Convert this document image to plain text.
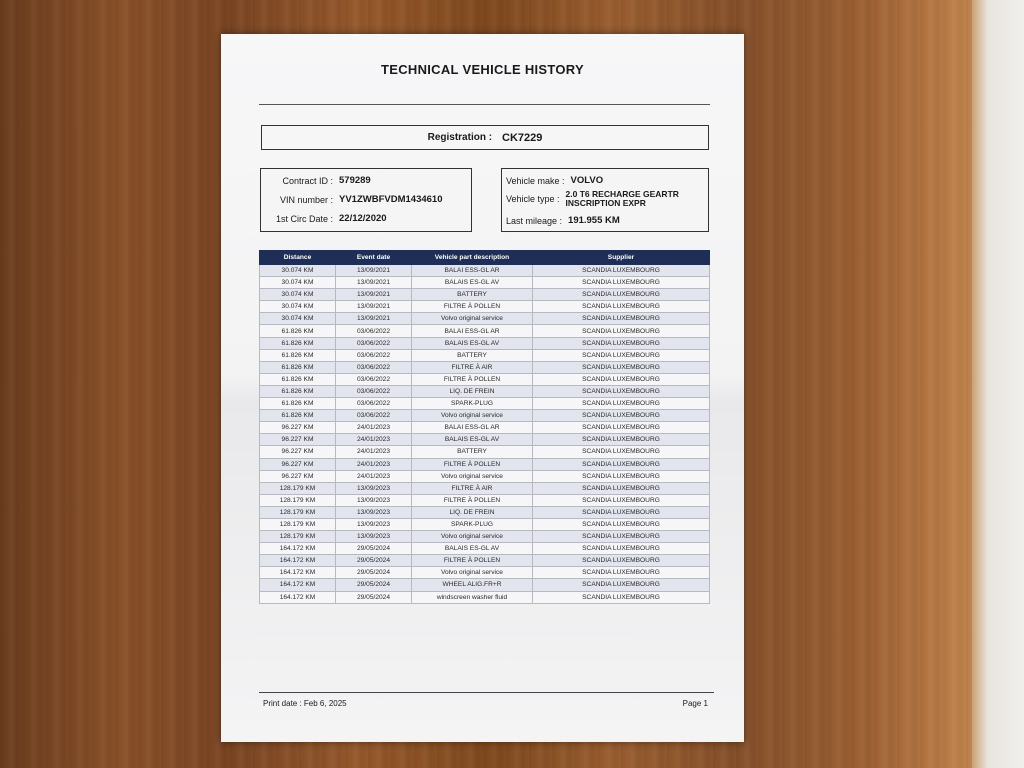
TECHNICAL VEHICLE HISTORY
Registration : CK7229
Contract ID : 579289
VIN number : YV1ZWBFVDM1434610
1st Circ Date : 22/12/2020
Vehicle make : VOLVO
Vehicle type : 2.0 T6 RECHARGE GEARTR
INSCRIPTION EXPR
Last mileage : 191.955 KM
Distance	Event date	Vehicle part description	Supplier
30.074 KM	13/09/2021	BALAI ESS-GL AR	SCANDIA LUXEMBOURG
30.074 KM	13/09/2021	BALAIS ES-GL AV	SCANDIA LUXEMBOURG
30.074 KM	13/09/2021	BATTERY	SCANDIA LUXEMBOURG
30.074 KM	13/09/2021	FILTRE À POLLEN	SCANDIA LUXEMBOURG
30.074 KM	13/09/2021	Volvo original service	SCANDIA LUXEMBOURG
61.826 KM	03/06/2022	BALAI ESS-GL AR	SCANDIA LUXEMBOURG
61.826 KM	03/06/2022	BALAIS ES-GL AV	SCANDIA LUXEMBOURG
61.826 KM	03/06/2022	BATTERY	SCANDIA LUXEMBOURG
61.826 KM	03/06/2022	FILTRE À AIR	SCANDIA LUXEMBOURG
61.826 KM	03/06/2022	FILTRE À POLLEN	SCANDIA LUXEMBOURG
61.826 KM	03/06/2022	LIQ. DE FREIN	SCANDIA LUXEMBOURG
61.826 KM	03/06/2022	SPARK-PLUG	SCANDIA LUXEMBOURG
61.826 KM	03/06/2022	Volvo original service	SCANDIA LUXEMBOURG
96.227 KM	24/01/2023	BALAI ESS-GL AR	SCANDIA LUXEMBOURG
96.227 KM	24/01/2023	BALAIS ES-GL AV	SCANDIA LUXEMBOURG
96.227 KM	24/01/2023	BATTERY	SCANDIA LUXEMBOURG
96.227 KM	24/01/2023	FILTRE À POLLEN	SCANDIA LUXEMBOURG
96.227 KM	24/01/2023	Volvo original service	SCANDIA LUXEMBOURG
128.179 KM	13/09/2023	FILTRE À AIR	SCANDIA LUXEMBOURG
128.179 KM	13/09/2023	FILTRE À POLLEN	SCANDIA LUXEMBOURG
128.179 KM	13/09/2023	LIQ. DE FREIN	SCANDIA LUXEMBOURG
128.179 KM	13/09/2023	SPARK-PLUG	SCANDIA LUXEMBOURG
128.179 KM	13/09/2023	Volvo original service	SCANDIA LUXEMBOURG
164.172 KM	29/05/2024	BALAIS ES-GL AV	SCANDIA LUXEMBOURG
164.172 KM	29/05/2024	FILTRE À POLLEN	SCANDIA LUXEMBOURG
164.172 KM	29/05/2024	Volvo original service	SCANDIA LUXEMBOURG
164.172 KM	29/05/2024	WHEEL ALIG.FR+R	SCANDIA LUXEMBOURG
164.172 KM	29/05/2024	windscreen washer fluid	SCANDIA LUXEMBOURG
Print date : Feb 6, 2025	Page 1
